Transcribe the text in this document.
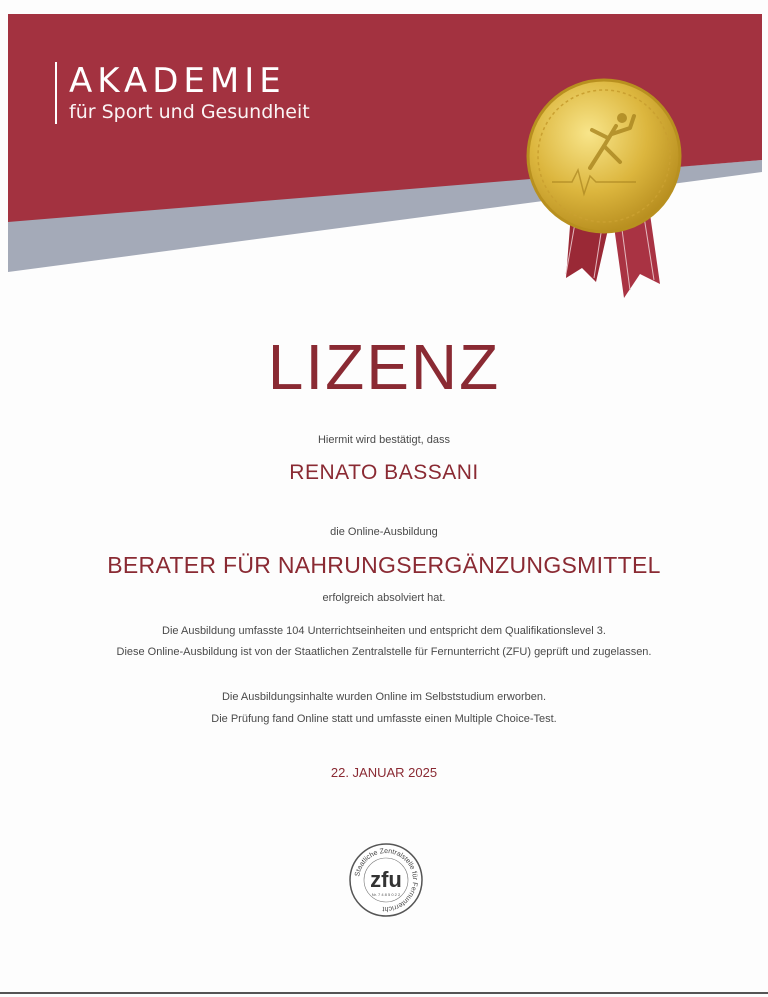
AKADEMIE
für Sport und Gesundheit
LIZENZ
Hiermit wird bestätigt, dass
RENATO BASSANI
die Online-Ausbildung
BERATER FÜR NAHRUNGSERGÄNZUNGSMITTEL
erfolgreich absolviert hat.
Die Ausbildung umfasste 104 Unterrichtseinheiten und entspricht dem Qualifikationslevel 3.
Diese Online-Ausbildung ist von der Staatlichen Zentralstelle für Fernunterricht (ZFU) geprüft und zugelassen.
Die Ausbildungsinhalte wurden Online im Selbststudium erworben.
Die Prüfung fand Online statt und umfasste einen Multiple Choice-Test.
22. JANUAR 2025
Staatliche Zentralstelle für Fernunterricht
zfu
Nr. 7 4 8 5 0 2 2
